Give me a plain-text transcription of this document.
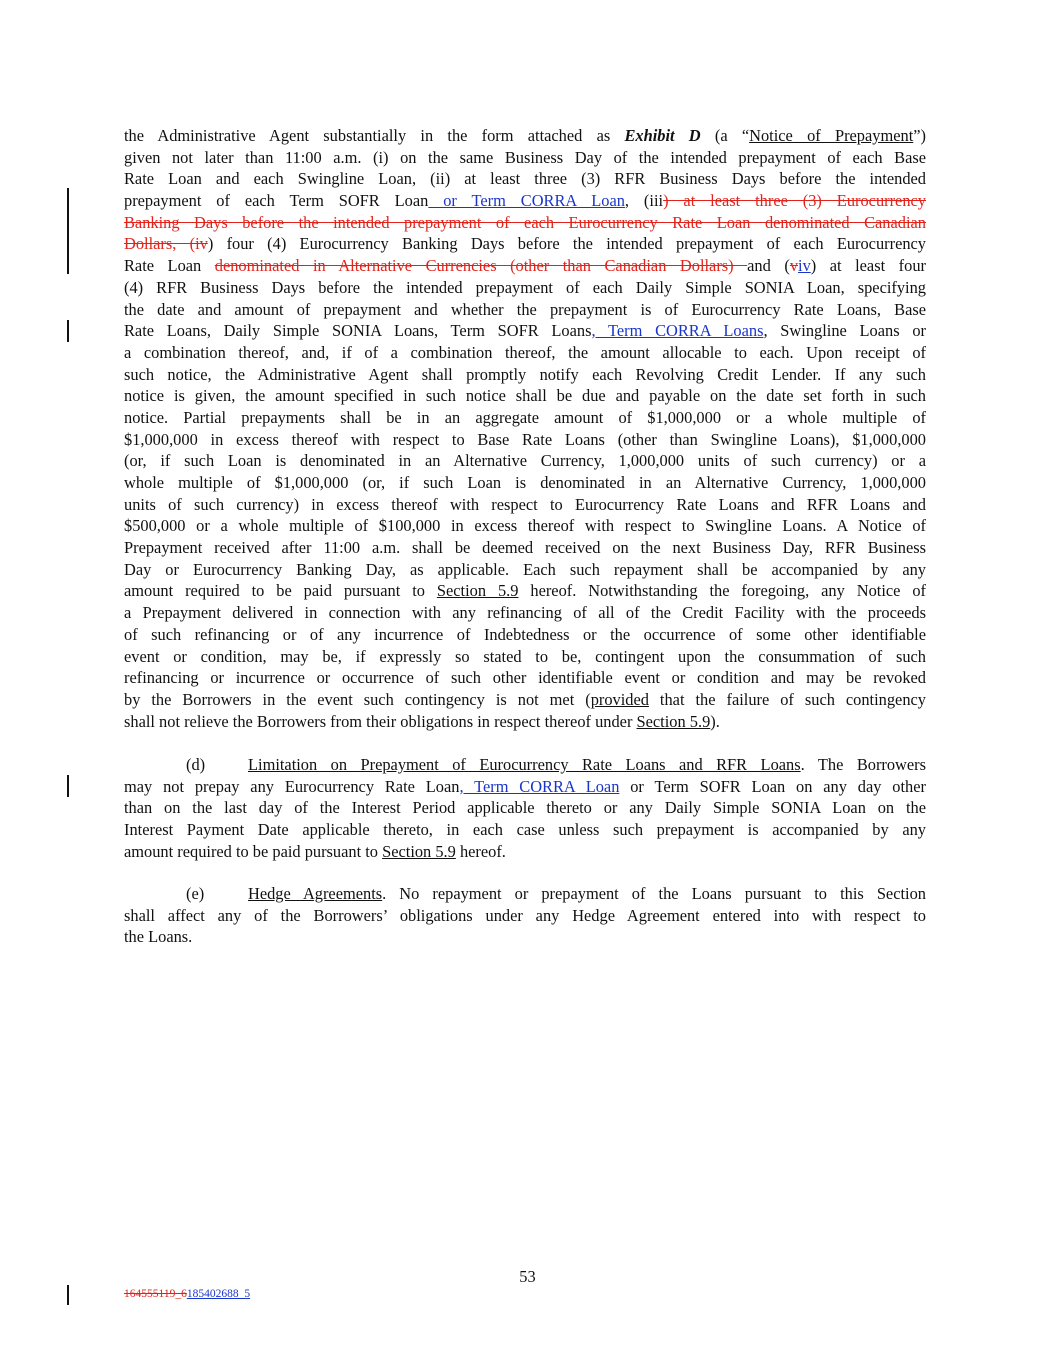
the Administrative Agent substantially in the form attached as Exhibit D (a “Notice of Prepayment”)
given not later than 11:00 a.m. (i) on the same Business Day of the intended prepayment of each Base
Rate Loan and each Swingline Loan, (ii) at least three (3) RFR Business Days before the intended
prepayment of each Term SOFR Loan or Term CORRA Loan, (iii) at least three (3) Eurocurrency
Banking Days before the intended prepayment of each Eurocurrency Rate Loan denominated Canadian
Dollars, (iv) four (4) Eurocurrency Banking Days before the intended prepayment of each Eurocurrency
Rate Loan denominated in Alternative Currencies (other than Canadian Dollars) and (viv) at least four
(4) RFR Business Days before the intended prepayment of each Daily Simple SONIA Loan, specifying
the date and amount of prepayment and whether the prepayment is of Eurocurrency Rate Loans, Base
Rate Loans, Daily Simple SONIA Loans, Term SOFR Loans, Term CORRA Loans, Swingline Loans or
a combination thereof, and, if of a combination thereof, the amount allocable to each. Upon receipt of
such notice, the Administrative Agent shall promptly notify each Revolving Credit Lender. If any such
notice is given, the amount specified in such notice shall be due and payable on the date set forth in such
notice. Partial prepayments shall be in an aggregate amount of $1,000,000 or a whole multiple of
$1,000,000 in excess thereof with respect to Base Rate Loans (other than Swingline Loans), $1,000,000
(or, if such Loan is denominated in an Alternative Currency, 1,000,000 units of such currency) or a
whole multiple of $1,000,000 (or, if such Loan is denominated in an Alternative Currency, 1,000,000
units of such currency) in excess thereof with respect to Eurocurrency Rate Loans and RFR Loans and
$500,000 or a whole multiple of $100,000 in excess thereof with respect to Swingline Loans. A Notice of
Prepayment received after 11:00 a.m. shall be deemed received on the next Business Day, RFR Business
Day or Eurocurrency Banking Day, as applicable. Each such repayment shall be accompanied by any
amount required to be paid pursuant to Section 5.9 hereof. Notwithstanding the foregoing, any Notice of
a Prepayment delivered in connection with any refinancing of all of the Credit Facility with the proceeds
of such refinancing or of any incurrence of Indebtedness or the occurrence of some other identifiable
event or condition, may be, if expressly so stated to be, contingent upon the consummation of such
refinancing or incurrence or occurrence of such other identifiable event or condition and may be revoked
by the Borrowers in the event such contingency is not met (provided that the failure of such contingency
shall not relieve the Borrowers from their obligations in respect thereof under Section 5.9).
(d)	Limitation on Prepayment of Eurocurrency Rate Loans and RFR Loans. The Borrowers
may not prepay any Eurocurrency Rate Loan, Term CORRA Loan or Term SOFR Loan on any day other
than on the last day of the Interest Period applicable thereto or any Daily Simple SONIA Loan on the
Interest Payment Date applicable thereto, in each case unless such prepayment is accompanied by any
amount required to be paid pursuant to Section 5.9 hereof.
(e)	Hedge Agreements. No repayment or prepayment of the Loans pursuant to this Section
shall affect any of the Borrowers’ obligations under any Hedge Agreement entered into with respect to
the Loans.
53
164555119_6185402688_5
